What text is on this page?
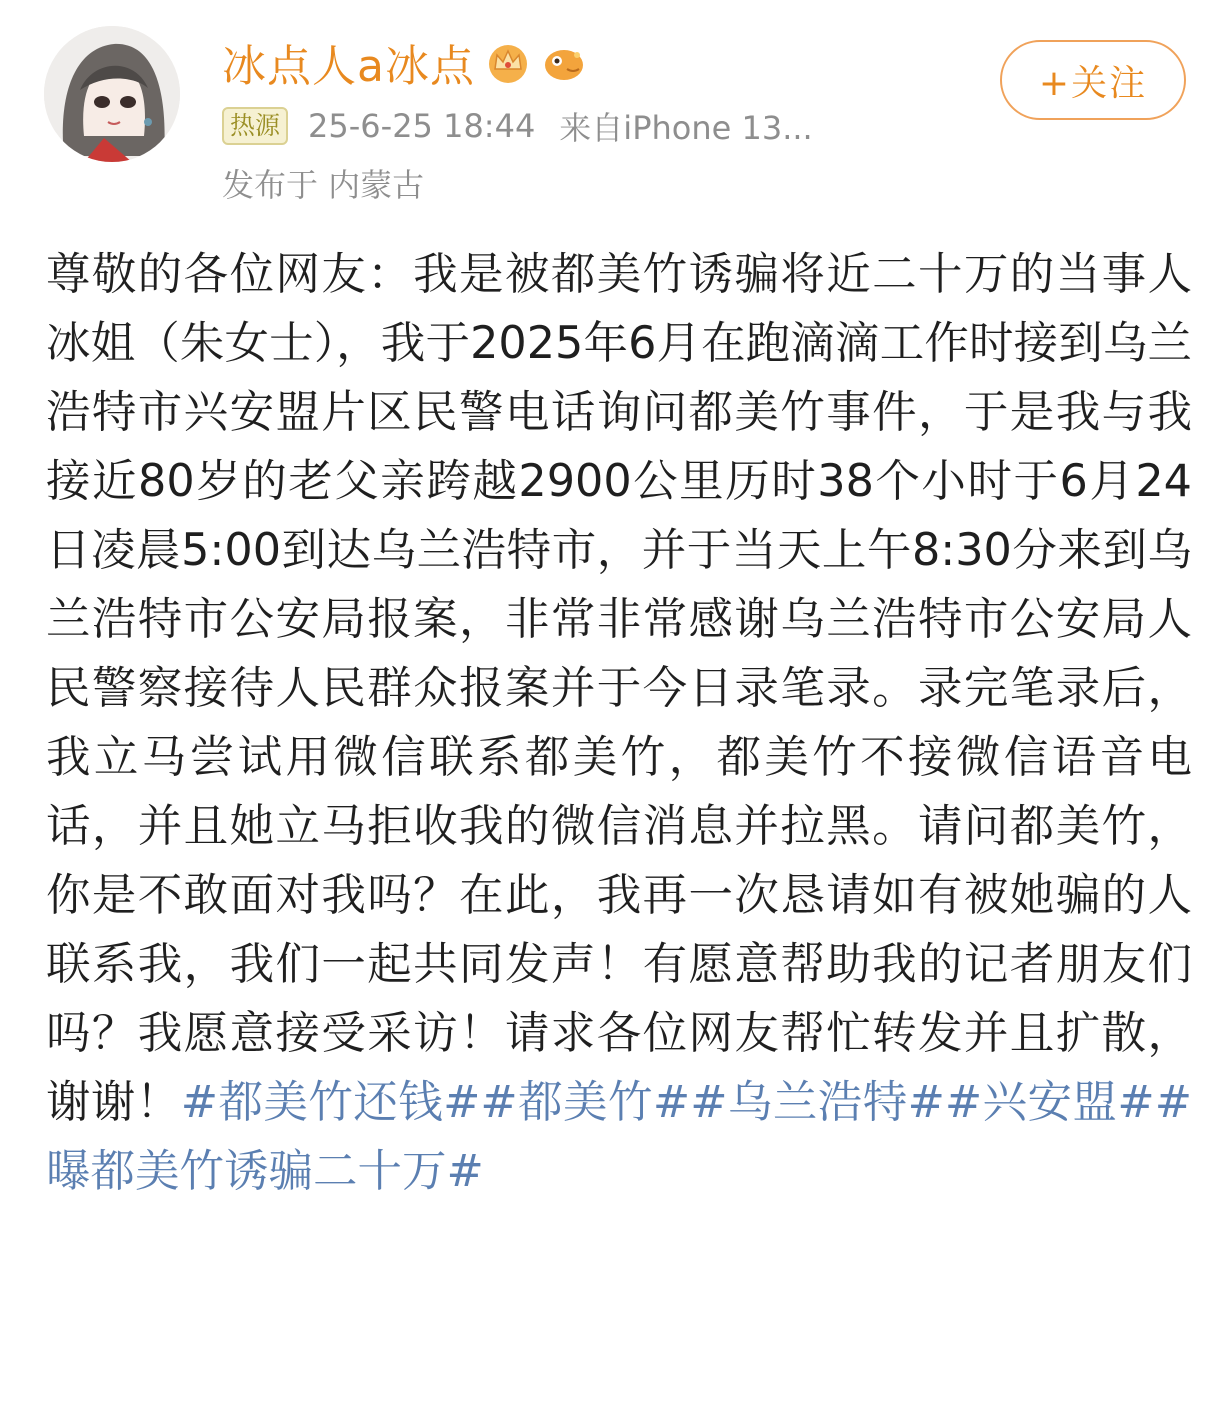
冰点人a冰点	+关注
热源 25-6-25 18:44 来自iPhone 13...
发布于 内蒙古
尊敬的各位网友：我是被都美竹诱骗将近二十万的当事人冰姐（朱女士），我于2025年6月在跑滴滴工作时接到乌兰浩特市兴安盟片区民警电话询问都美竹事件，于是我与我接近80岁的老父亲跨越2900公里历时38个小时于6月24日凌晨5:00到达乌兰浩特市，并于当天上午8:30分来到乌兰浩特市公安局报案，非常非常感谢乌兰浩特市公安局人民警察接待人民群众报案并于今日录笔录。录完笔录后，我立马尝试用微信联系都美竹，都美竹不接微信语音电话，并且她立马拒收我的微信消息并拉黑。请问都美竹，你是不敢面对我吗？在此，我再一次恳请如有被她骗的人联系我，我们一起共同发声！有愿意帮助我的记者朋友们吗？我愿意接受采访！请求各位网友帮忙转发并且扩散，谢谢！#都美竹还钱##都美竹##乌兰浩特##兴安盟##曝都美竹诱骗二十万#
